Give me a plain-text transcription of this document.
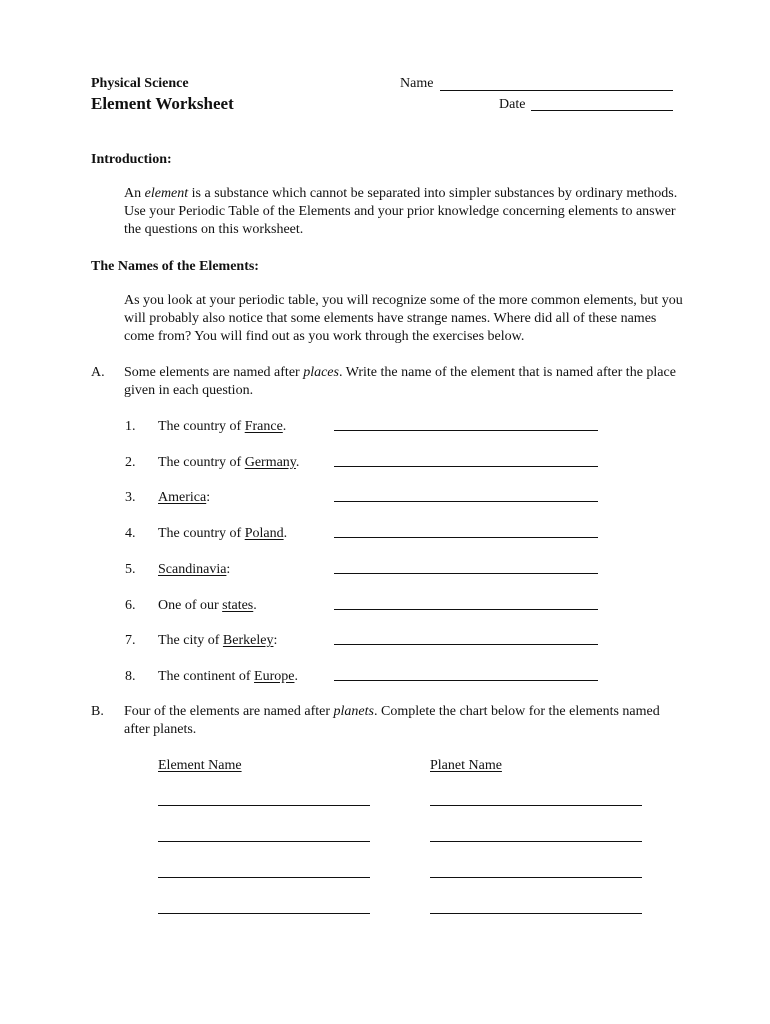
Physical Science
Element Worksheet
Name
Date
Introduction:
An element is a substance which cannot be separated into simpler substances by ordinary methods. Use your Periodic Table of the Elements and your prior knowledge concerning elements to answer the questions on this worksheet.
The Names of the Elements:
As you look at your periodic table, you will recognize some of the more common elements, but you will probably also notice that some elements have strange names. Where did all of these names come from? You will find out as you work through the exercises below.
A. Some elements are named after places. Write the name of the element that is named after the place given in each question.
1. The country of France.
2. The country of Germany.
3. America:
4. The country of Poland.
5. Scandinavia:
6. One of our states.
7. The city of Berkeley:
8. The continent of Europe.
B. Four of the elements are named after planets. Complete the chart below for the elements named after planets.
Element Name	Planet Name
